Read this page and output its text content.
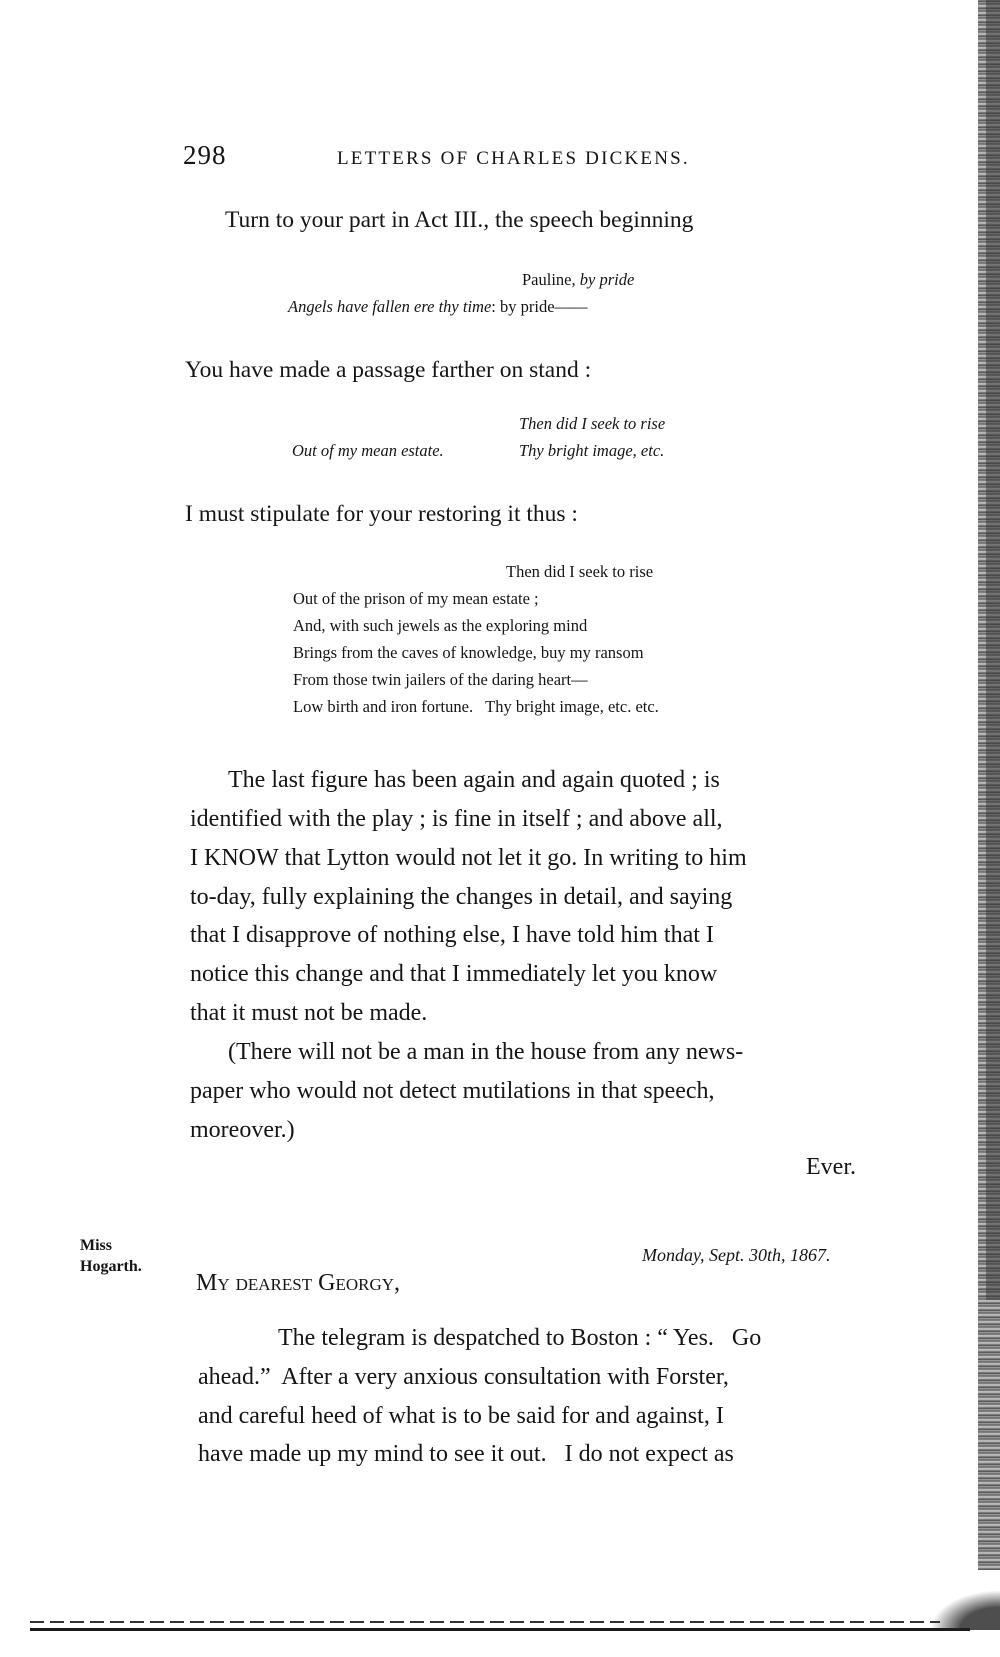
298	LETTERS OF CHARLES DICKENS.
Turn to your part in Act III., the speech beginning
Pauline, by pride
Angels have fallen ere thy time: by pride——
You have made a passage farther on stand :
Then did I seek to rise
Out of my mean estate.	Thy bright image, etc.
I must stipulate for your restoring it thus :
Then did I seek to rise
Out of the prison of my mean estate ;
And, with such jewels as the exploring mind
Brings from the caves of knowledge, buy my ransom
From those twin jailers of the daring heart—
Low birth and iron fortune.   Thy bright image, etc. etc.
The last figure has been again and again quoted ; is
identified with the play ; is fine in itself ; and above all,
I KNOW that Lytton would not let it go. In writing to him
to-day, fully explaining the changes in detail, and saying
that I disapprove of nothing else, I have told him that I
notice this change and that I immediately let you know
that it must not be made.
(There will not be a man in the house from any news-
paper who would not detect mutilations in that speech,
moreover.)
Ever.
Miss
Hogarth.
Monday, Sept. 30th, 1867.
My dearest Georgy,
The telegram is despatched to Boston : “ Yes.   Go
ahead.”  After a very anxious consultation with Forster,
and careful heed of what is to be said for and against, I
have made up my mind to see it out.   I do not expect as
